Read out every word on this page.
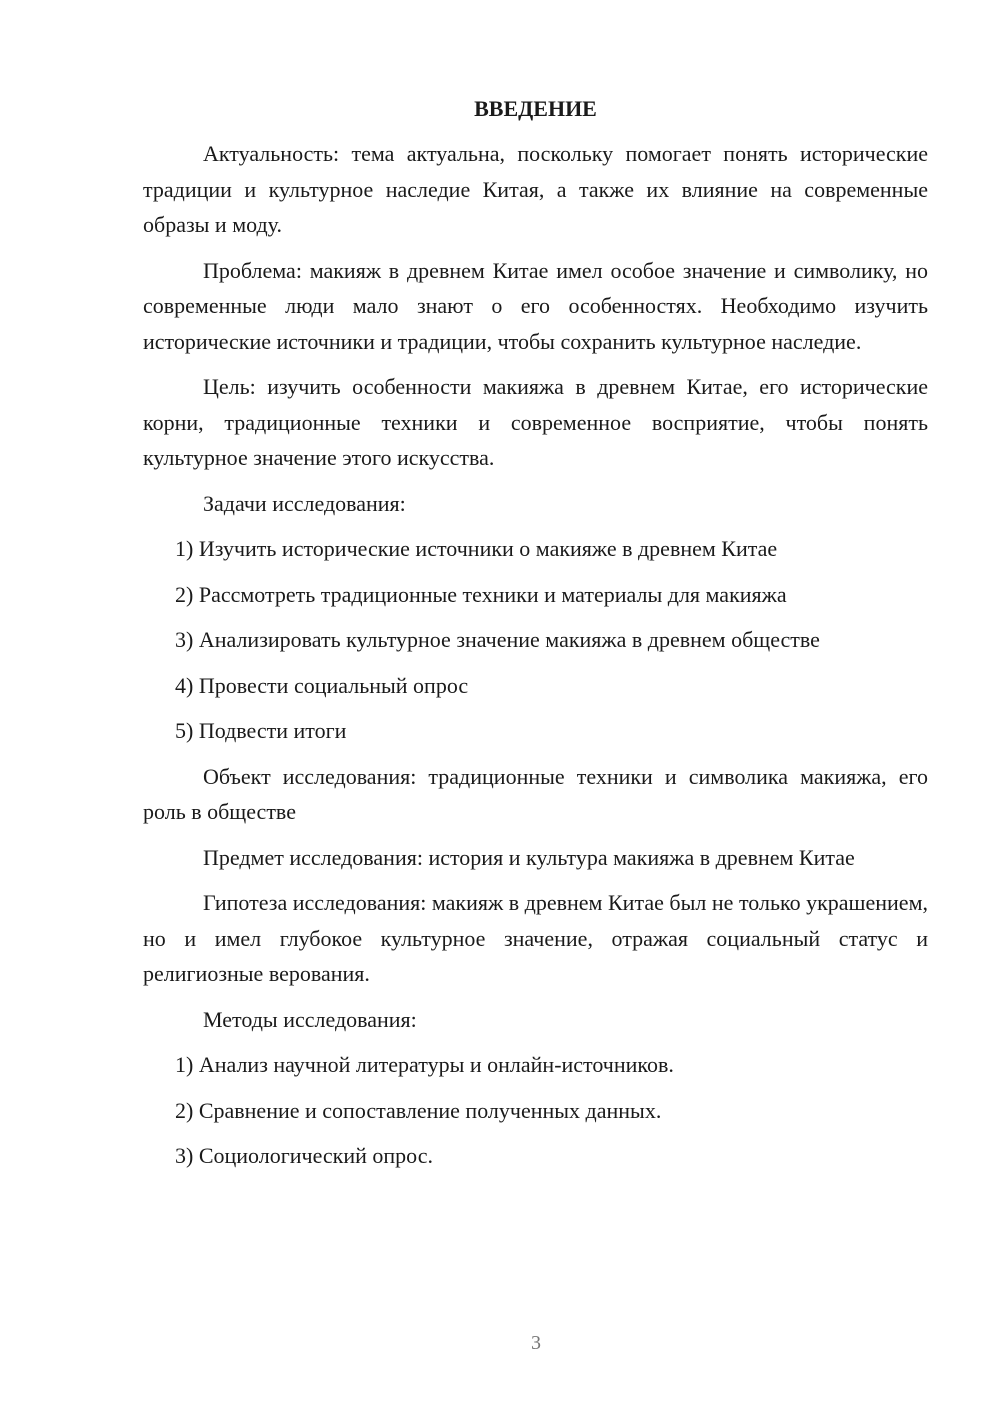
ВВЕДЕНИЕ

Актуальность: тема актуальна, поскольку помогает понять исторические традиции и культурное наследие Китая, а также их влияние на современные образы и моду.

Проблема: макияж в древнем Китае имел особое значение и символику, но современные люди мало знают о его особенностях. Необходимо изучить исторические источники и традиции, чтобы сохранить культурное наследие.

Цель: изучить особенности макияжа в древнем Китае, его исторические корни, традиционные техники и современное восприятие, чтобы понять культурное значение этого искусства.

Задачи исследования:

1) Изучить исторические источники о макияже в древнем Китае
2) Рассмотреть традиционные техники и материалы для макияжа
3) Анализировать культурное значение макияжа в древнем обществе
4) Провести социальный опрос
5) Подвести итоги

Объект исследования: традиционные техники и символика макияжа, его роль в обществе

Предмет исследования: история и культура макияжа в древнем Китае

Гипотеза исследования: макияж в древнем Китае был не только украшением, но и имел глубокое культурное значение, отражая социальный статус и религиозные верования.

Методы исследования:

1) Анализ научной литературы и онлайн-источников.
2) Сравнение и сопоставление полученных данных.
3) Социологический опрос.
3
